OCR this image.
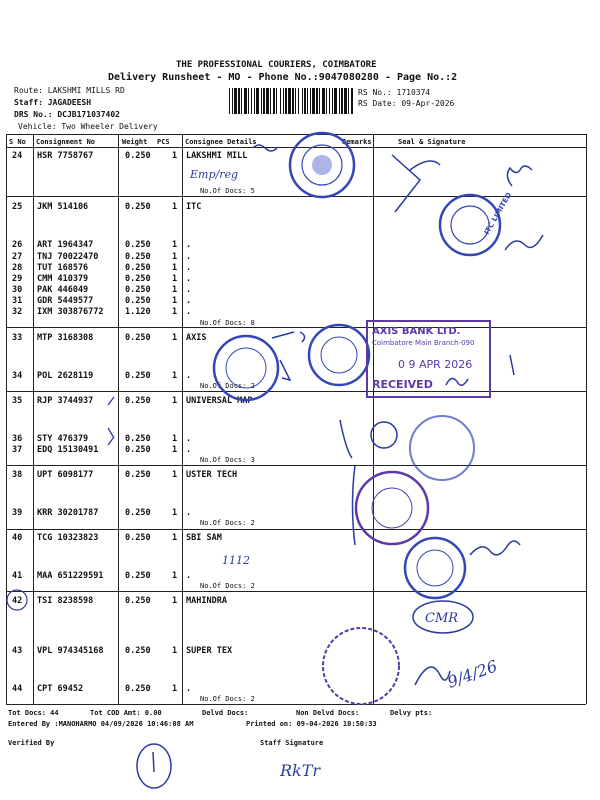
THE PROFESSIONAL COURIERS, COIMBATORE
Delivery Runsheet - MO - Phone No.:9047080280 - Page No.:2
Route: LAKSHMI MILLS RD
Staff: JAGADEESH
DRS No.: DCJB171037402
Vehicle: Two Wheeler Delivery
RS No.: 1710374
RS Date: 09-Apr-2026
S No Consignment No	Weight PCS Consignee Details	Remarks	Seal & Signature
24 HSR 7758767	0.250	1 LAKSHMI MILL
No.Of Docs: 5
25 JKM 514106	0.250	1 ITC
26 ART 1964347	0.250	1 .
27 TNJ 70022470	0.250	1 .
28 TUT 168576	0.250	1 .
29 CMM 410379	0.250	1 .
30 PAK 446049	0.250	1 .
31 GDR 5449577	0.250	1 .
32 IXM 303876772	1.120	1 .
No.Of Docs: 8
33 MTP 3168308	0.250	1 AXIS
34 POL 2628119	0.250	1 .
No.Of Docs: 2
35 RJP 3744937	0.250	1 UNIVERSAL MAP
36 STY 476379	0.250	1 .
37 EDQ 15130491	0.250	1 .
No.Of Docs: 3
38 UPT 6098177	0.250	1 USTER TECH
39 KRR 30201787	0.250	1 .
No.Of Docs: 2
40 TCG 10323823	0.250	1 SBI SAM
41 MAA 651229591	0.250	1 .
No.Of Docs: 2
42 TSI 8238598	0.250	1 MAHINDRA
43 VPL 974345168	0.250	1 SUPER TEX
44 CPT 69452	0.250	1 .
No.Of Docs: 2
Tot Docs: 44	Tot COD Amt: 0.00	Delvd Docs:	Non Delvd Docs:	Delvy pts:
Entered By :MANOHARMO 04/09/2026 10:46:08 AM	Printed on: 09-04-2026 10:50:33
Verified By	Staff Signature
Emp/reg
ITC LIMITED
AXIS BANK LTD.
Coimbatore Main Branch-090
0 9 APR 2026
RECEIVED
1112
CMR
9/4/26
RkTr
